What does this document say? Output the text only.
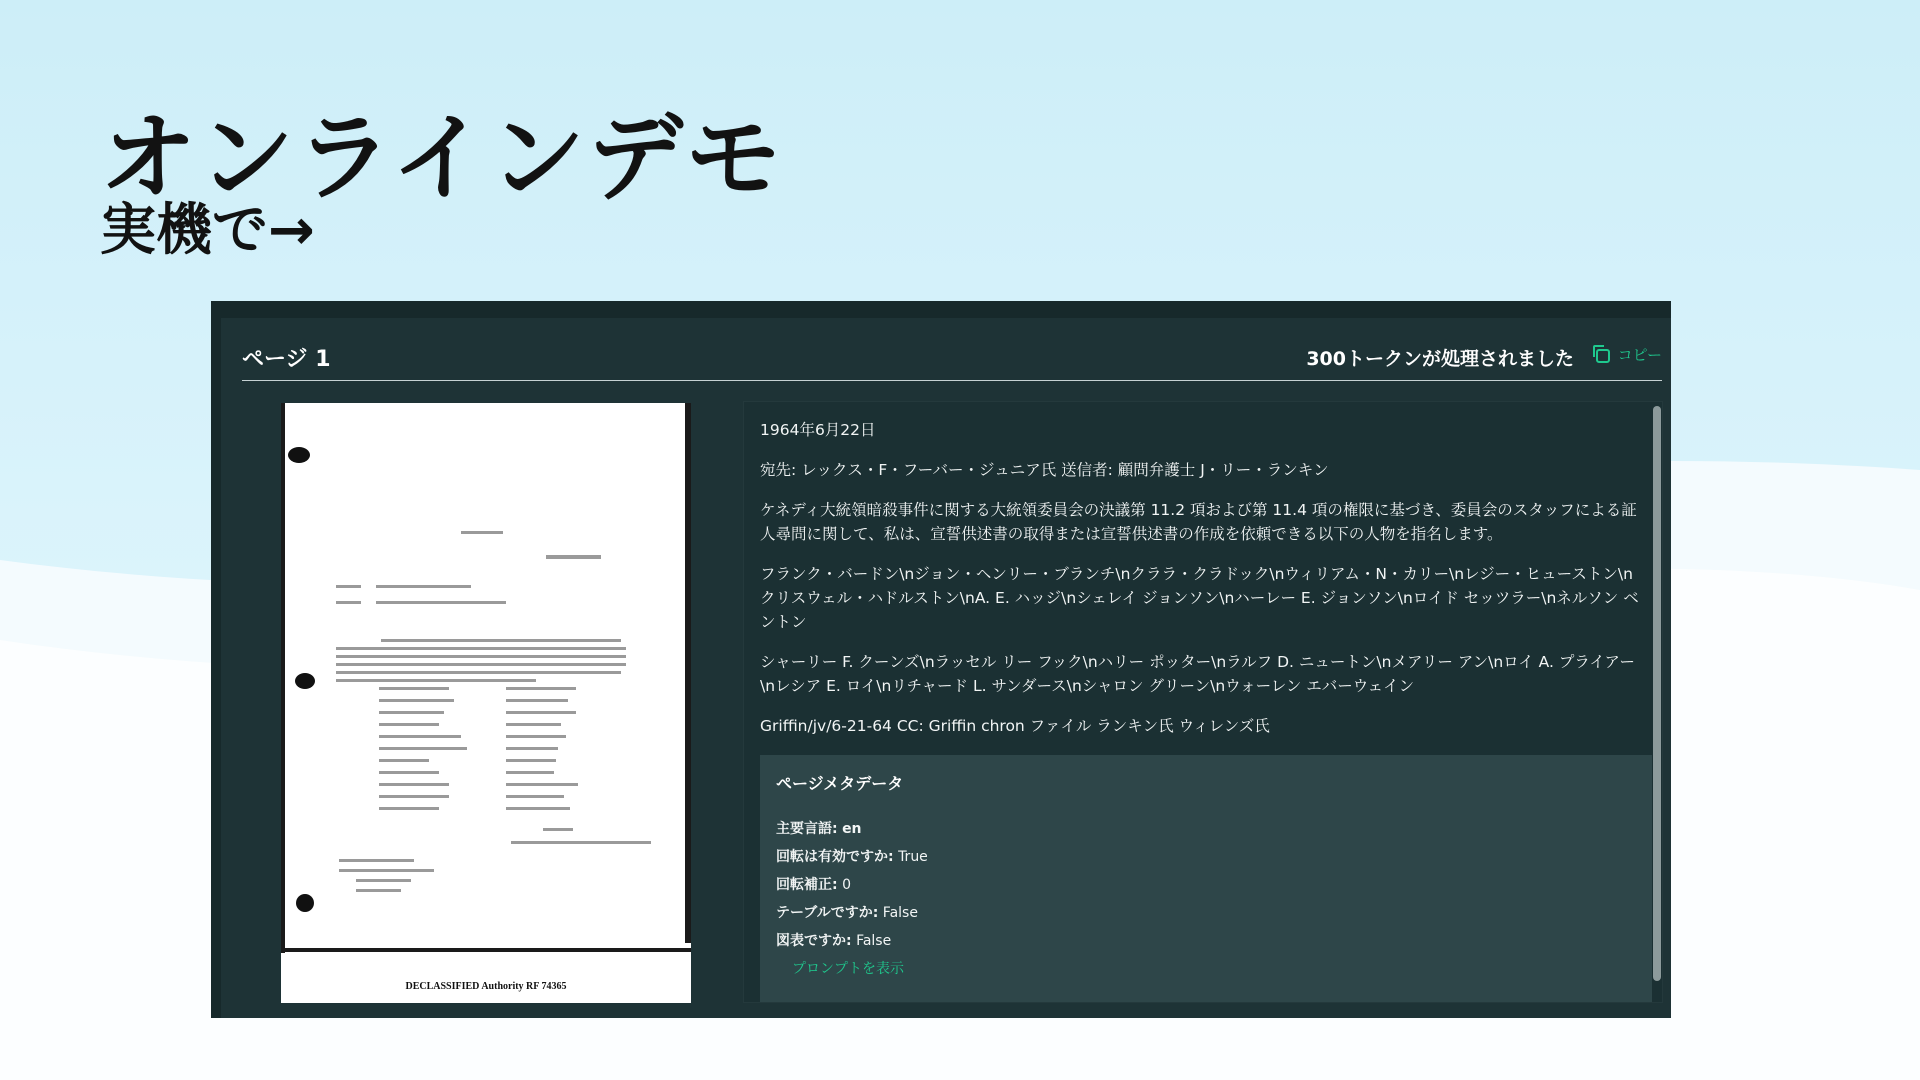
オンラインデモ
実機で→
ページ 1	300トークンが処理されました	コピー
DECLASSIFIED Authority RF 74365

1964年6月22日

宛先: レックス・F・フーバー・ジュニア氏 送信者: 顧問弁護士 J・リー・ランキン

ケネディ大統領暗殺事件に関する大統領委員会の決議第 11.2 項および第 11.4 項の権限に基づき、委員会のスタッフによる証人尋問に関して、私は、宣誓供述書の取得または宣誓供述書の作成を依頼できる以下の人物を指名します。

フランク・バードン\nジョン・ヘンリー・ブランチ\nクララ・クラドック\nウィリアム・N・カリー\nレジー・ヒューストン\nクリスウェル・ハドルストン\nA. E. ハッジ\nシェレイ ジョンソン\nハーレー E. ジョンソン\nロイド セッツラー\nネルソン ベントン

シャーリー F. クーンズ\nラッセル リー フック\nハリー ポッター\nラルフ D. ニュートン\nメアリー アン\nロイ A. プライアー\nレシア E. ロイ\nリチャード L. サンダース\nシャロン グリーン\nウォーレン エバーウェイン

Griffin/jv/6-21-64 CC: Griffin chron ファイル ランキン氏 ウィレンズ氏

ページメタデータ
主要言語: en
回転は有効ですか: True
回転補正: 0
テーブルですか: False
図表ですか: False
プロンプトを表示
